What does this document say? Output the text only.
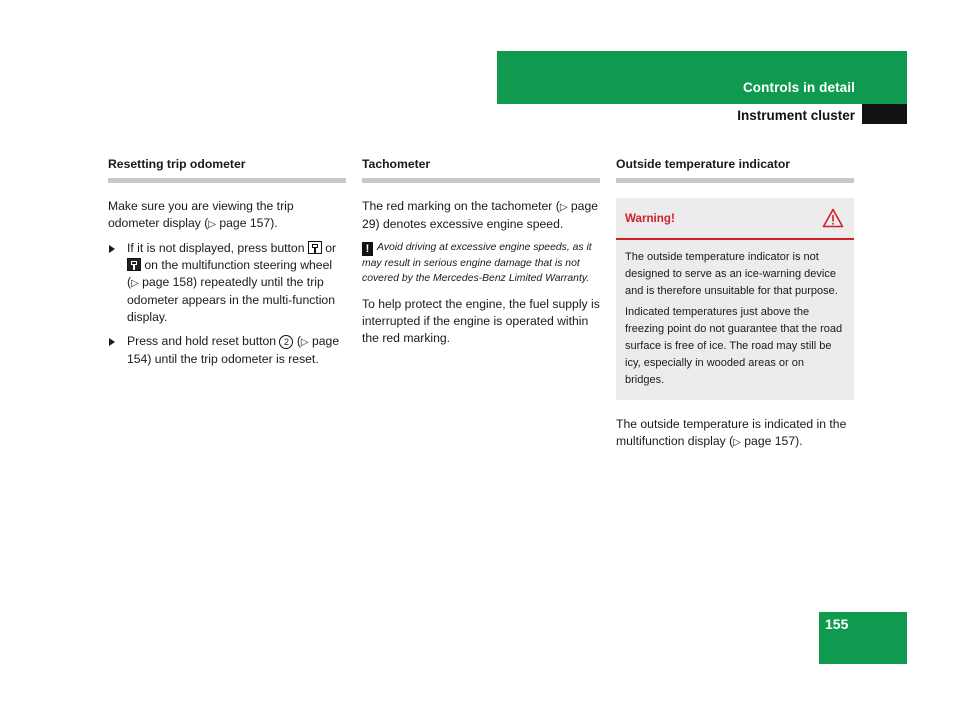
Controls in detail
Instrument cluster
Resetting trip odometer

Make sure you are viewing the trip odometer display (▷ page 157).

If it is not displayed, press button
or
on the multifunction steering wheel (▷ page 158) repeatedly until the trip odometer appears in the multi-function display.
Press and hold reset button 2 (▷ page 154) until the trip odometer is reset.
Tachometer

The red marking on the tachometer (▷ page 29) denotes excessive engine speed.

! Avoid driving at excessive engine speeds, as it may result in serious engine damage that is not covered by the Mercedes-Benz Limited Warranty.

To help protect the engine, the fuel supply is interrupted if the engine is operated within the red marking.

Outside temperature indicator
Warning!

The outside temperature indicator is not designed to serve as an ice-warning device and is therefore unsuitable for that purpose.

Indicated temperatures just above the freezing point do not guarantee that the road surface is free of ice. The road may still be icy, especially in wooded areas or on bridges.

The outside temperature is indicated in the multifunction display (▷ page 157).

155
